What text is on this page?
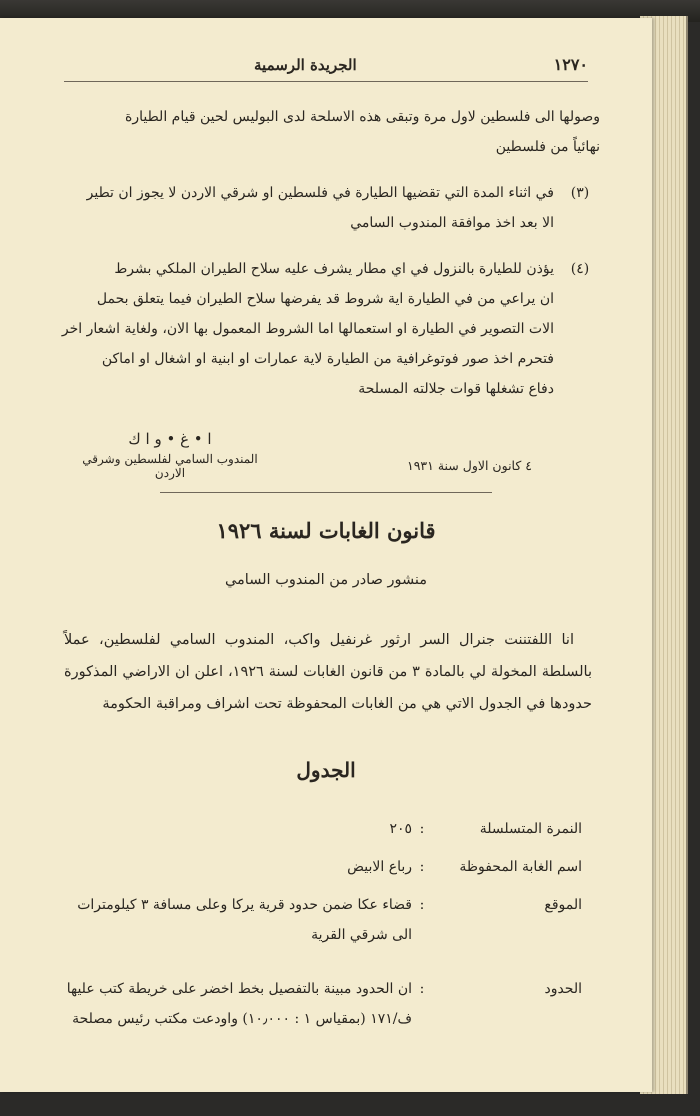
١٢٧٠
الجريدة الرسمية
وصولها الى فلسطين لاول مرة وتبقى هذه الاسلحة لدى البوليس لحين قيام الطيارة
نهائياً من فلسطين
(٣)
في اثناء المدة التي تقضيها الطيارة في فلسطين او شرقي الاردن لا يجوز ان تطير
الا بعد اخذ موافقة المندوب السامي
(٤)
يؤذن للطيارة بالنزول في اي مطار يشرف عليه سلاح الطيران الملكي بشرط
ان يراعي من في الطيارة اية شروط قد يفرضها سلاح الطيران فيما يتعلق بحمل
الات التصوير في الطيارة او استعمالها اما الشروط المعمول بها الان، ولغاية اشعار اخر
فتحرم اخذ صور فوتوغرافية من الطيارة لاية عمارات او ابنية او اشغال او اماكن
دفاع تشغلها قوات جلالته المسلحة
ا • غ • و ا ك
المندوب السامي لفلسطين وشرقي الاردن	٤ كانون الاول سنة ١٩٣١
قانون الغابات لسنة ١٩٢٦
منشور صادر من المندوب السامي
انا اللفتننت جنرال السر ارثور غرنفيل واكب، المندوب السامي لفلسطين، عملاً بالسلطة المخولة لي بالمادة ٣ من قانون الغابات لسنة ١٩٢٦، اعلن ان الاراضي المذكورة حدودها في الجدول الاتي هي من الغابات المحفوظة تحت اشراف ومراقبة الحكومة
الجدول
النمرة المتسلسلة
:
٢٠٥
اسم الغابة المحفوظة
:
رباع الابيض
الموقع
:
قضاء عكا ضمن حدود قرية يركا وعلى مسافة ٣ كيلومترات الى شرقي القرية
الحدود
:
ان الحدود مبينة بالتفصيل بخط اخضر على خريطة كتب عليها ف/١٧١ (بمقياس ١ : ١٠٫٠٠٠) واودعت مكتب رئيس مصلحة
